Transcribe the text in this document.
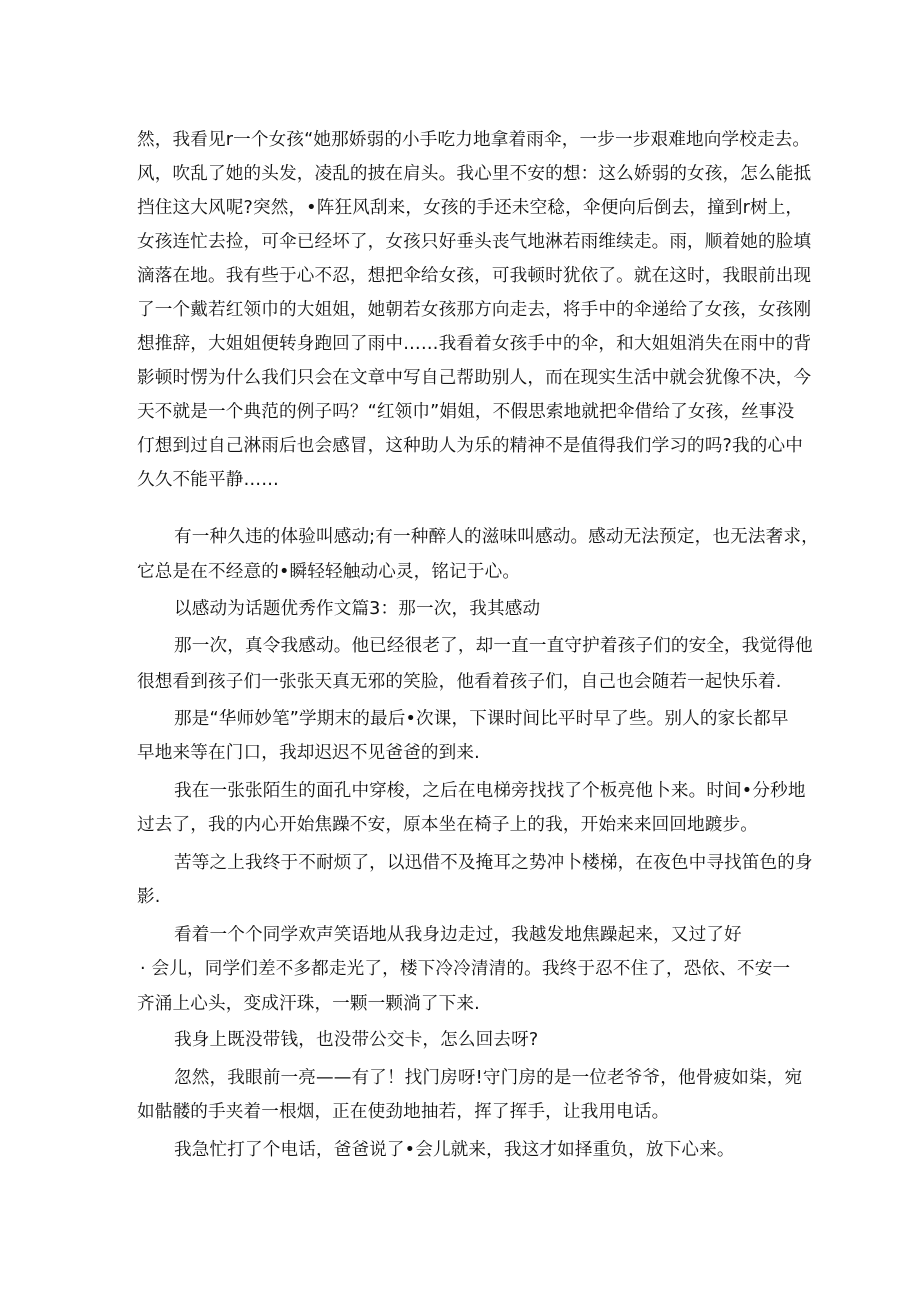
然，我看见r一个女孩“她那娇弱的小手吃力地拿着雨伞，一步一步艰难地向学校走去。
风，吹乱了她的头发，凌乱的披在肩头。我心里不安的想：这么娇弱的女孩，怎么能抵
挡住这大风呢?突然，•阵狂风刮来，女孩的手还未空稔，伞便向后倒去，撞到r树上，
女孩连忙去捡，可伞已经坏了，女孩只好垂头丧气地淋若雨维续走。雨，顺着她的脸填
滴落在地。我有些于心不忍，想把伞给女孩，可我顿时犹依了。就在这时，我眼前出现
了一个戴若红领巾的大姐姐，她朝若女孩那方向走去，将手中的伞递给了女孩，女孩刚
想推辞，大姐姐便转身跑回了雨中……我看着女孩手中的伞，和大姐姐消失在雨中的背
影顿时愣为什么我们只会在文章中写自己帮助别人，而在现实生活中就会犹像不决，今
天不就是一个典范的例子吗？“红领巾”娟姐，不假思索地就把伞借给了女孩，丝事没
仃想到过自己淋雨后也会感冒，这种助人为乐的精神不是值得我们学习的吗?我的心中
久久不能平静……
有一种久违的体验叫感动;有一种醉人的滋味叫感动。感动无法预定，也无法奢求，
它总是在不经意的•瞬轻轻触动心灵，铭记于心。
以感动为话题优秀作文篇3：那一次，我其感动
那一次，真令我感动。他已经很老了，却一直一直守护着孩子们的安全，我觉得他
很想看到孩子们一张张天真无邪的笑脸，他看着孩子们，自己也会随若一起快乐着.
那是“华师妙笔”学期末的最后•次课，下课时间比平时早了些。别人的家长都早
早地来等在门口，我却迟迟不见爸爸的到来.
我在一张张陌生的面孔中穿梭，之后在电梯旁找找了个板亮他卜来。时间•分秒地
过去了，我的内心开始焦躁不安，原本坐在椅子上的我，开始来来回回地踱步。
苦等之上我终于不耐烦了，以迅借不及掩耳之势冲卜楼梯，在夜色中寻找笛色的身
影.
看着一个个同学欢声笑语地从我身边走过，我越发地焦躁起来，又过了好
· 会儿，同学们差不多都走光了，楼下冷冷清清的。我终于忍不住了，恐依、不安一
齐涌上心头，变成汗珠，一颗一颗淌了下来.
我身上既没带钱，也没带公交卡，怎么回去呀?
忽然，我眼前一亮——有了！找门房呀!守门房的是一位老爷爷，他骨疲如柒，宛
如骷髅的手夹着一根烟，正在使劲地抽若，挥了挥手，让我用电话。
我急忙打了个电话，爸爸说了•会儿就来，我这才如择重负，放下心来。
